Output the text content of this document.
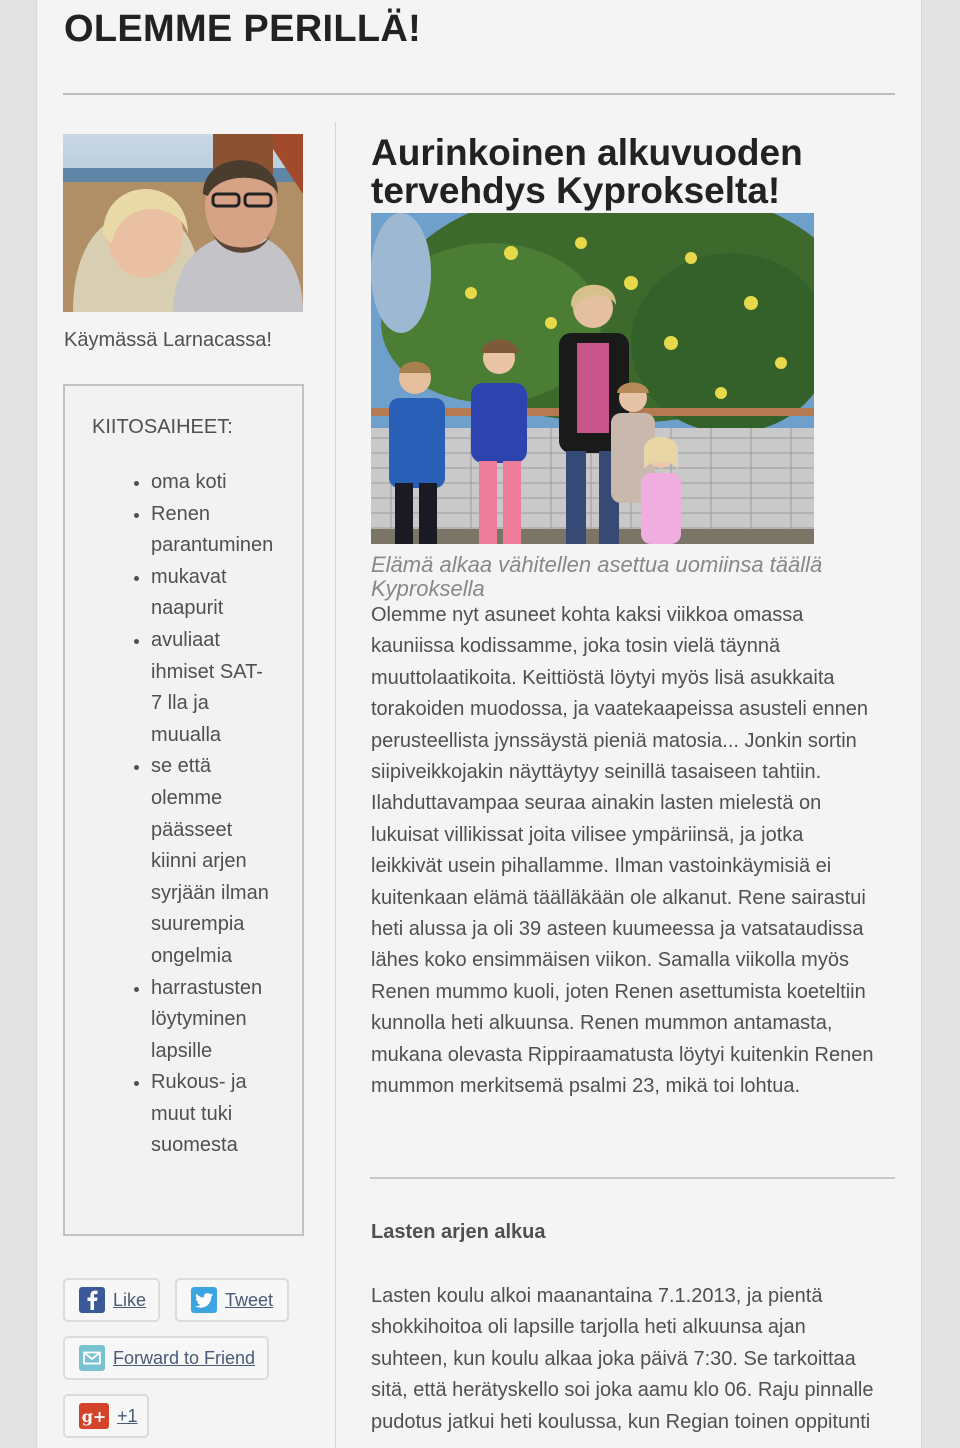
OLEMME PERILLÄ!
Käymässä Larnacassa!
KIITOSAIHEET:
oma koti
Renen
parantuminen
mukavat
naapurit
avuliaat
ihmiset SAT-
7 lla ja
muualla
se että
olemme
päässeet
kiinni arjen
syrjään ilman
suurempia
ongelmia
harrastusten
löytyminen
lapsille
Rukous- ja
muut tuki
suomesta
Like	Tweet
Forward to Friend
g+ +1
Aurinkoinen alkuvuoden tervehdys Kyprokselta!
Elämä alkaa vähitellen asettua uomiinsa täällä Kyproksella
Olemme nyt asuneet kohta kaksi viikkoa omassa
kauniissa kodissamme, joka tosin vielä täynnä
muuttolaatikoita. Keittiöstä löytyi myös lisä asukkaita
torakoiden muodossa, ja vaatekaapeissa asusteli ennen
perusteellista jynssäystä pieniä matosia... Jonkin sortin
siipiveikkojakin näyttäytyy seinillä tasaiseen tahtiin.
Ilahduttavampaa seuraa ainakin lasten mielestä on
lukuisat villikissat joita vilisee ympäriinsä, ja jotka
leikkivät usein pihallamme. Ilman vastoinkäymisiä ei
kuitenkaan elämä täälläkään ole alkanut. Rene sairastui
heti alussa ja oli 39 asteen kuumeessa ja vatsataudissa
lähes koko ensimmäisen viikon. Samalla viikolla myös
Renen mummo kuoli, joten Renen asettumista koeteltiin
kunnolla heti alkuunsa. Renen mummon antamasta,
mukana olevasta Rippiraamatusta löytyi kuitenkin Renen
mummon merkitsemä psalmi 23, mikä toi lohtua.
Lasten arjen alkua
Lasten koulu alkoi maanantaina 7.1.2013, ja pientä
shokkihoitoa oli lapsille tarjolla heti alkuunsa ajan
suhteen, kun koulu alkaa joka päivä 7:30. Se tarkoittaa
sitä, että herätyskello soi joka aamu klo 06. Raju pinnalle
pudotus jatkui heti koulussa, kun Regian toinen oppitunti
